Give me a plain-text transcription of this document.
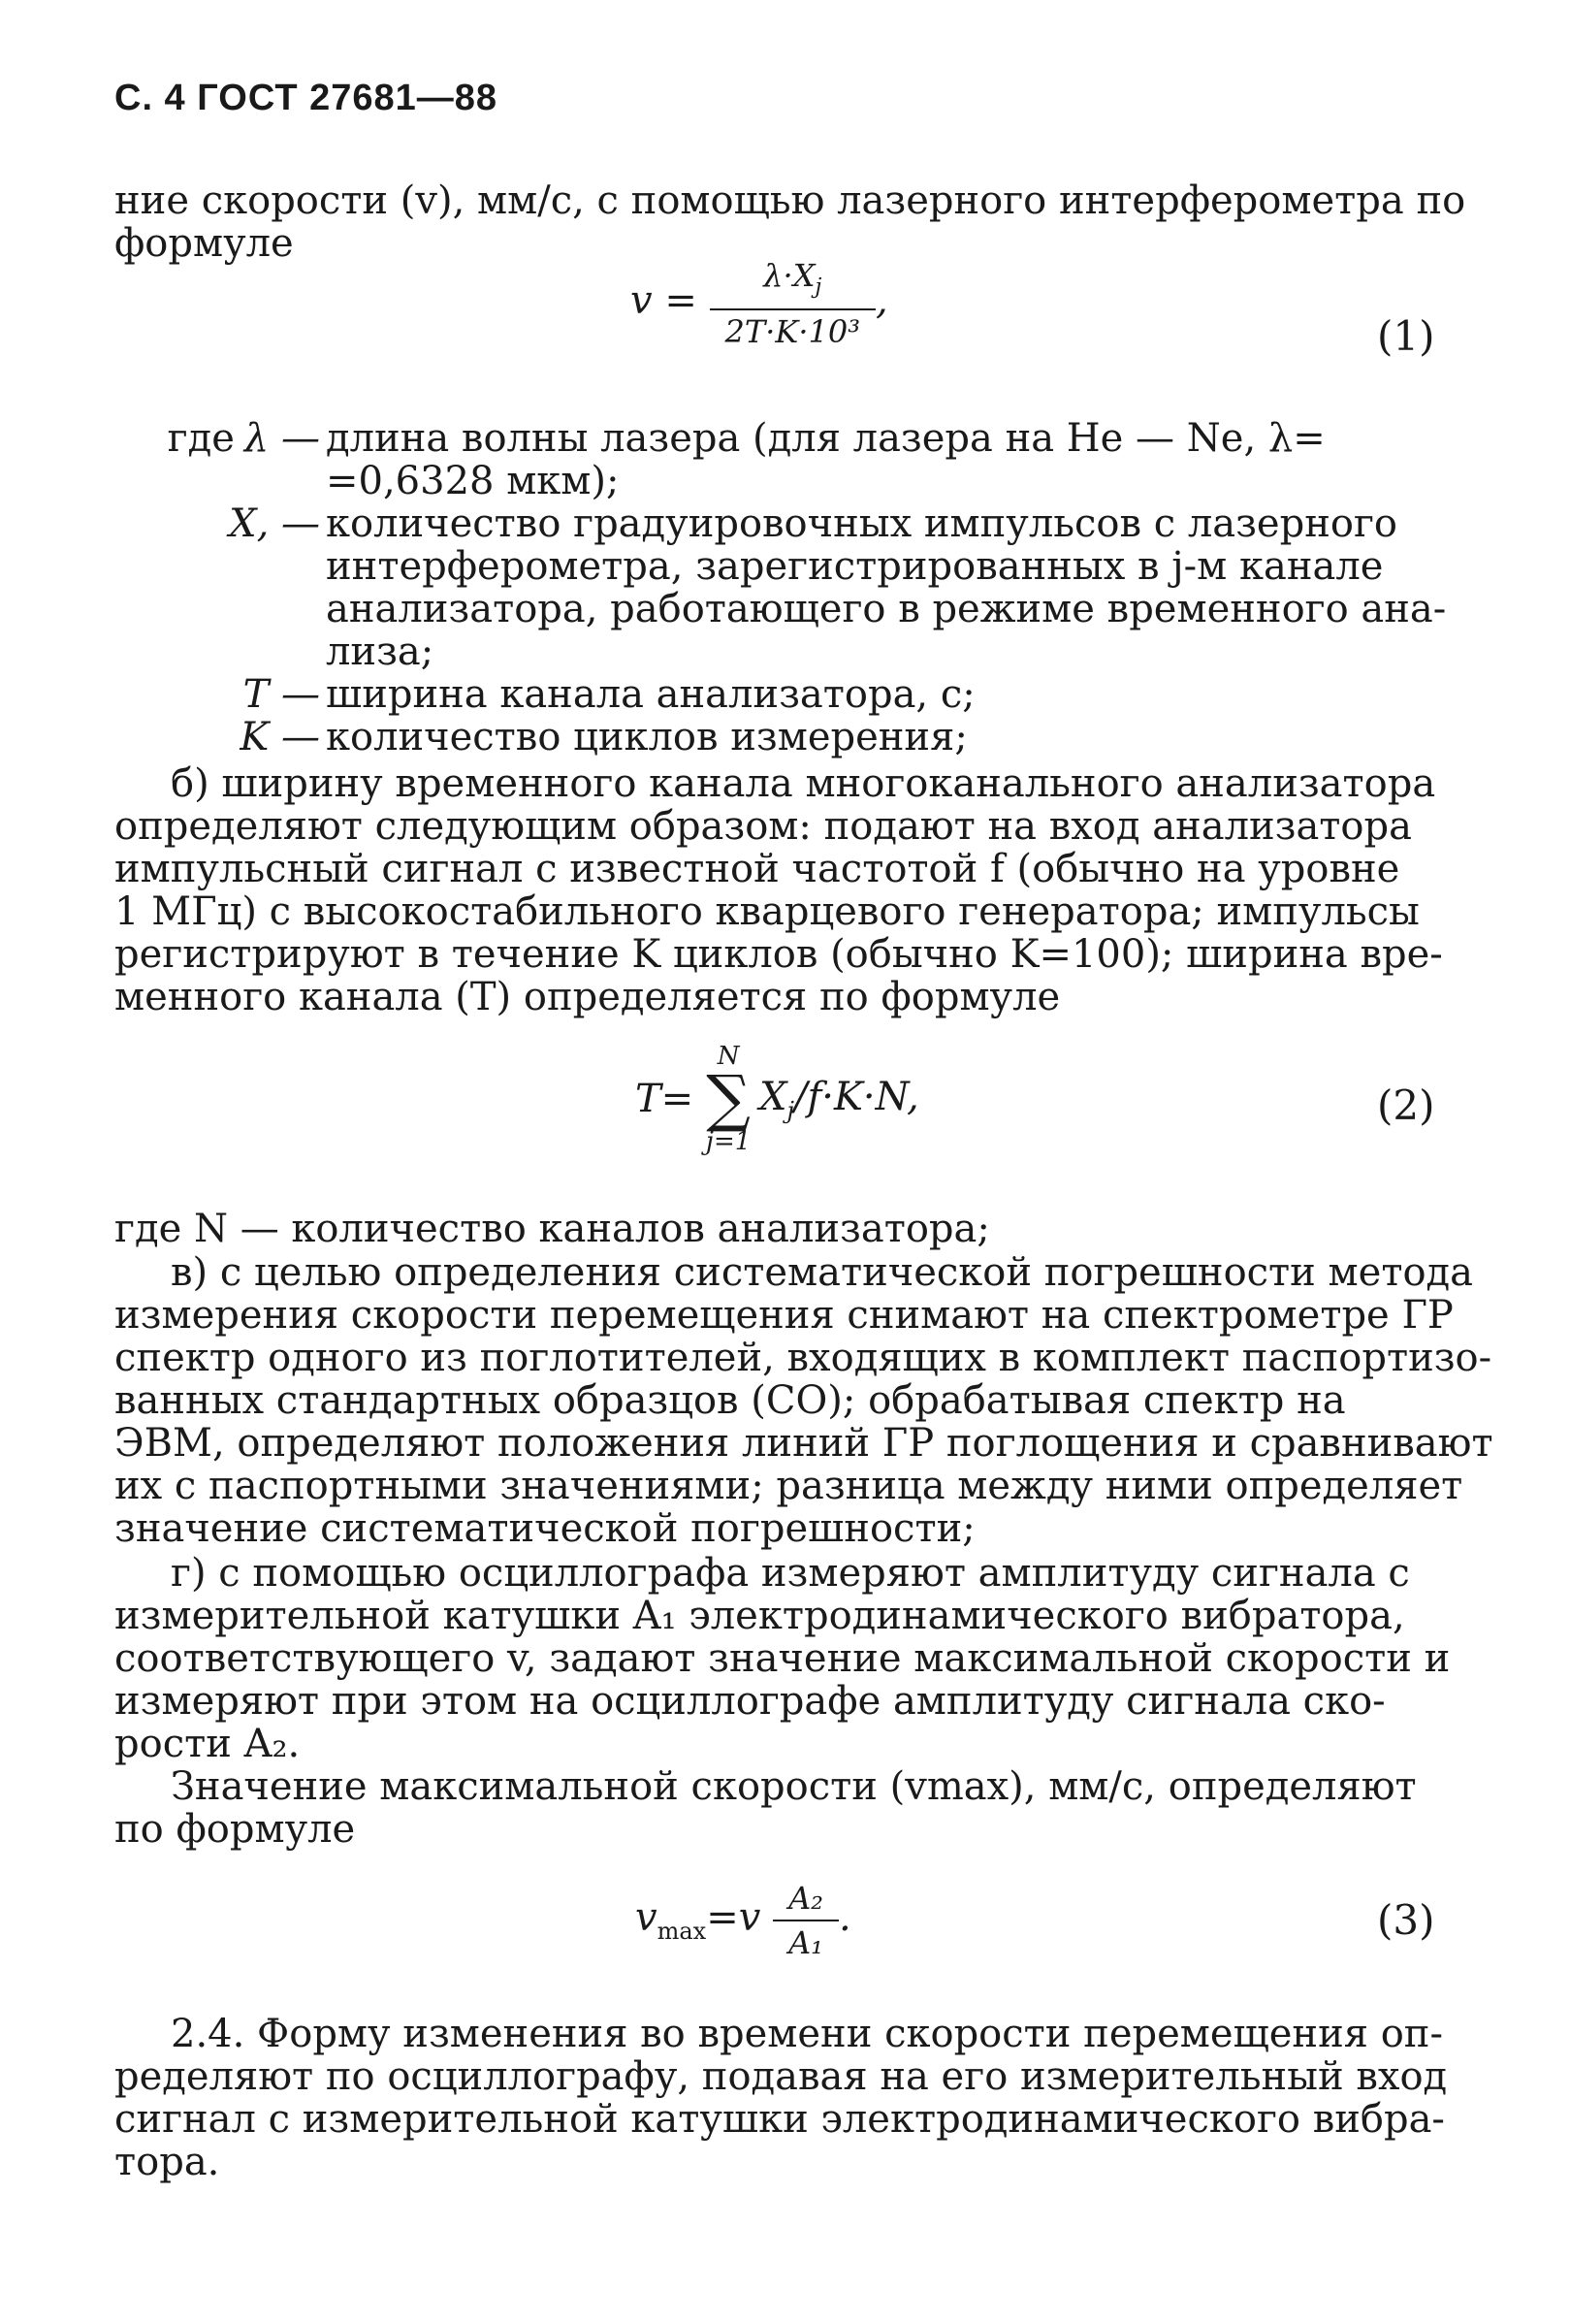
С. 4 ГОСТ 27681—88
ние скорости (v), мм/с, с помощью лазерного интерферометра по
формуле
$v = \frac{\lambda\cdot X_j}{\text{2T·K·10³}}$ ,
(1)
где λ — длина волны лазера (для лазера на He — Ne, λ=
=0,6328 мкм);
X, — количество градуировочных импульсов с лазерного
интерферометра, зарегистрированных в j-м канале
анализатора, работающего в режиме временного ана-
лиза;
T — ширина канала анализатора, с;
K — количество циклов измерения;
б) ширину временного канала многоканального анализатора
определяют следующим образом: подают на вход анализатора
импульсный сигнал с известной частотой f (обычно на уровне
1 МГц) с высокостабильного кварцевого генератора; импульсы
регистрируют в течение K циклов (обычно K=100); ширина вре-
менного канала (T) определяется по формуле
T=
N
∑
j=1
$X_j/f\cdot K\cdot N$,	(2)
где N — количество каналов анализатора;
в) с целью определения систематической погрешности метода
измерения скорости перемещения снимают на спектрометре ГР
спектр одного из поглотителей, входящих в комплект паспортизо-
ванных стандартных образцов (СО); обрабатывая спектр на
ЭВМ, определяют положения линий ГР поглощения и сравнивают
их с паспортными значениями; разница между ними определяет
значение систематической погрешности;
г) с помощью осциллографа измеряют амплитуду сигнала с
измерительной катушки A₁ электродинамического вибратора,
соответствующего v, задают значение максимальной скорости и
измеряют при этом на осциллографе амплитуду сигнала ско-
рости A₂.
Значение максимальной скорости (vmax), мм/с, определяют
по формуле
$v_{max}=v \frac{\text{A₂}}{\text{A₁}}$ .	(3)
2.4. Форму изменения во времени скорости перемещения оп-
ределяют по осциллографу, подавая на его измерительный вход
сигнал с измерительной катушки электродинамического вибра-
тора.
